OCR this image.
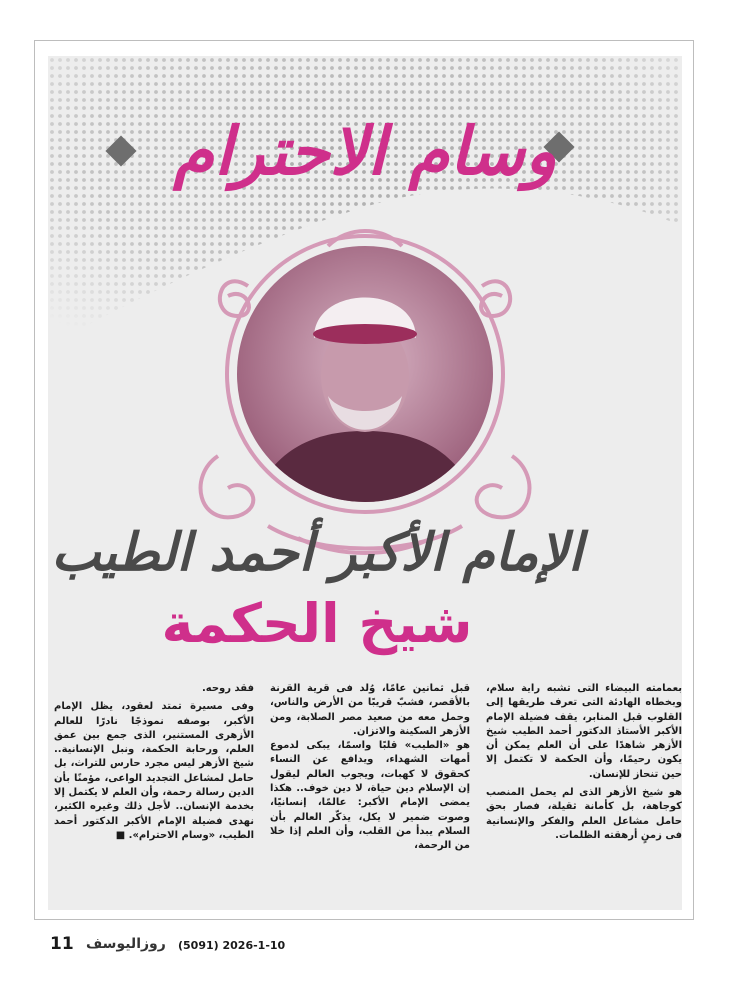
وسام الاحترام
الإمام الأكبر أحمد الطيب
شيخ الحكمة

بعمامته البيضاء التى تشبه راية سلام، وبخطاه الهادئة التى تعرف طريقها إلى القلوب قبل المنابر، يقف فضيلة الإمام الأكبر الأستاذ الدكتور أحمد الطيب شيخ الأزهر شاهدًا على أن العلم يمكن أن يكون رحيمًا، وأن الحكمة لا تكتمل إلا حين تنحاز للإنسان.

هو شيخ الأزهر الذى لم يحمل المنصب كوجاهة، بل كأمانة ثقيلة، فصار بحق حامل مشاعل العلم والفكر والإنسانية فى زمنٍ أرهقته الظلمات.

قبل ثمانين عامًا، وُلد فى قرية القرنة بالأقصر، فشبّ قريبًا من الأرض والناس، وحمل معه من صعيد مصر الصلابة، ومن الأزهر السكينة والاتزان.

هو «الطيب» قلبًا واسمًا، يبكى لدموع أمهات الشهداء، ويدافع عن النساء كحقوق لا كهبات، ويجوب العالم ليقول إن الإسلام دين حياة، لا دين خوف.. هكذا يمضى الإمام الأكبر: عالمًا، إنسانيًا، وصوت ضمير لا يكل، يذكّر العالم بأن السلام يبدأ من القلب، وأن العلم إذا خلا من الرحمة،

فقد روحه.

وفى مسيرة تمتد لعقود، يظل الإمام الأكبر، بوصفه نموذجًا نادرًا للعالم الأزهرى المستنير، الذى جمع بين عمق العلم، ورحابة الحكمة، ونبل الإنسانية.. شيخ الأزهر ليس مجرد حارس للتراث، بل حامل لمشاعل التجديد الواعى، مؤمنًا بأن الدين رسالة رحمة، وأن العلم لا يكتمل إلا بخدمة الإنسان.. لأجل ذلك وغيره الكثير، نهدى فضيلة الإمام الأكبر الدكتور أحمد الطيب، «وسام الاحترام». ■

11 روزاليوسف (5091) 2026-1-10
